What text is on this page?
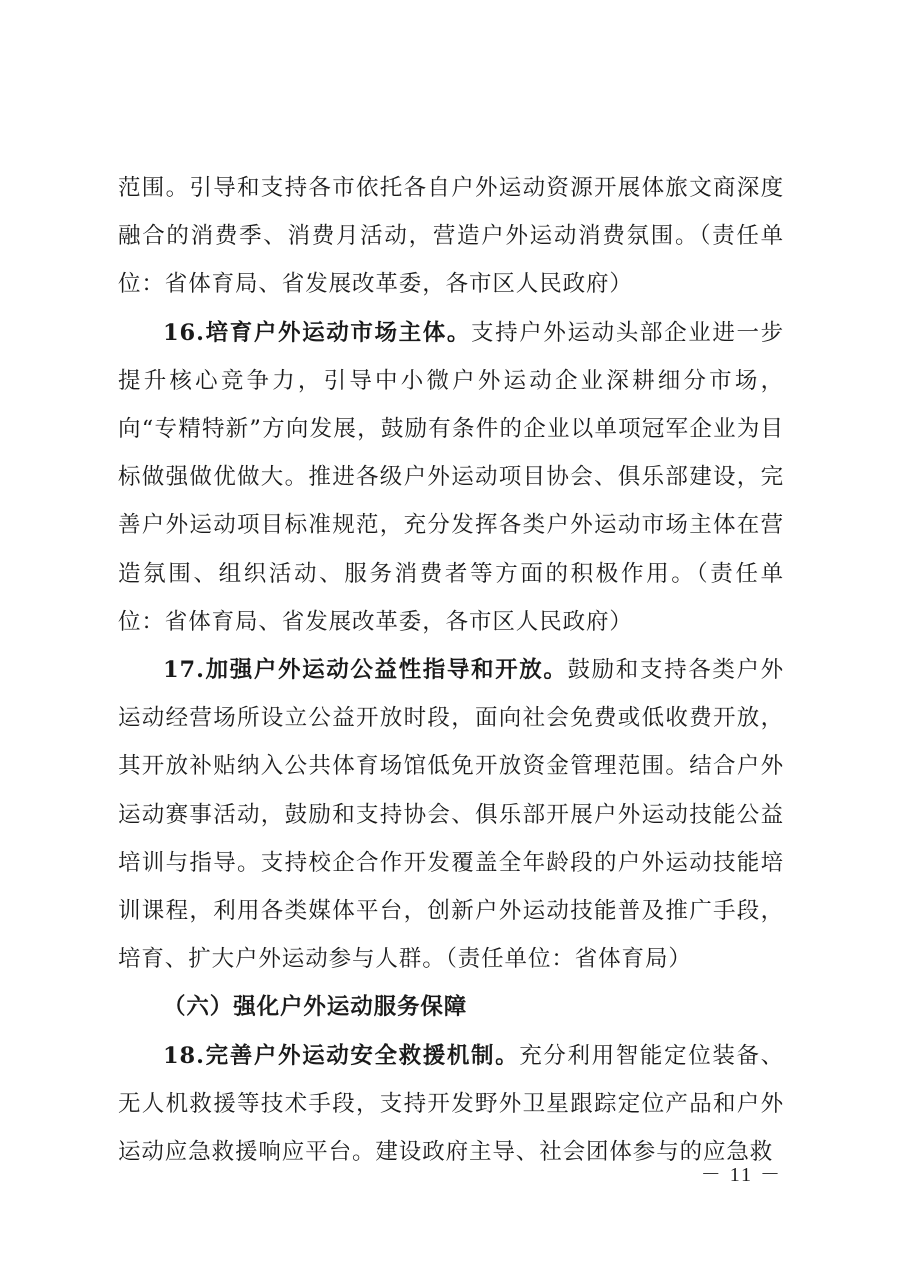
范围。引导和支持各市依托各自户外运动资源开展体旅文商深度融合的消费季、消费月活动，营造户外运动消费氛围。（责任单位：省体育局、省发展改革委，各市区人民政府）

16.培育户外运动市场主体。支持户外运动头部企业进一步提升核心竞争力，引导中小微户外运动企业深耕细分市场，向“专精特新”方向发展，鼓励有条件的企业以单项冠军企业为目标做强做优做大。推进各级户外运动项目协会、俱乐部建设，完善户外运动项目标准规范，充分发挥各类户外运动市场主体在营造氛围、组织活动、服务消费者等方面的积极作用。（责任单位：省体育局、省发展改革委，各市区人民政府）

17.加强户外运动公益性指导和开放。鼓励和支持各类户外运动经营场所设立公益开放时段，面向社会免费或低收费开放，其开放补贴纳入公共体育场馆低免开放资金管理范围。结合户外运动赛事活动，鼓励和支持协会、俱乐部开展户外运动技能公益培训与指导。支持校企合作开发覆盖全年龄段的户外运动技能培训课程，利用各类媒体平台，创新户外运动技能普及推广手段，培育、扩大户外运动参与人群。（责任单位：省体育局）

（六）强化户外运动服务保障

18.完善户外运动安全救援机制。充分利用智能定位装备、无人机救援等技术手段，支持开发野外卫星跟踪定位产品和户外运动应急救援响应平台。建设政府主导、社会团体参与的应急救

－ 11 －
